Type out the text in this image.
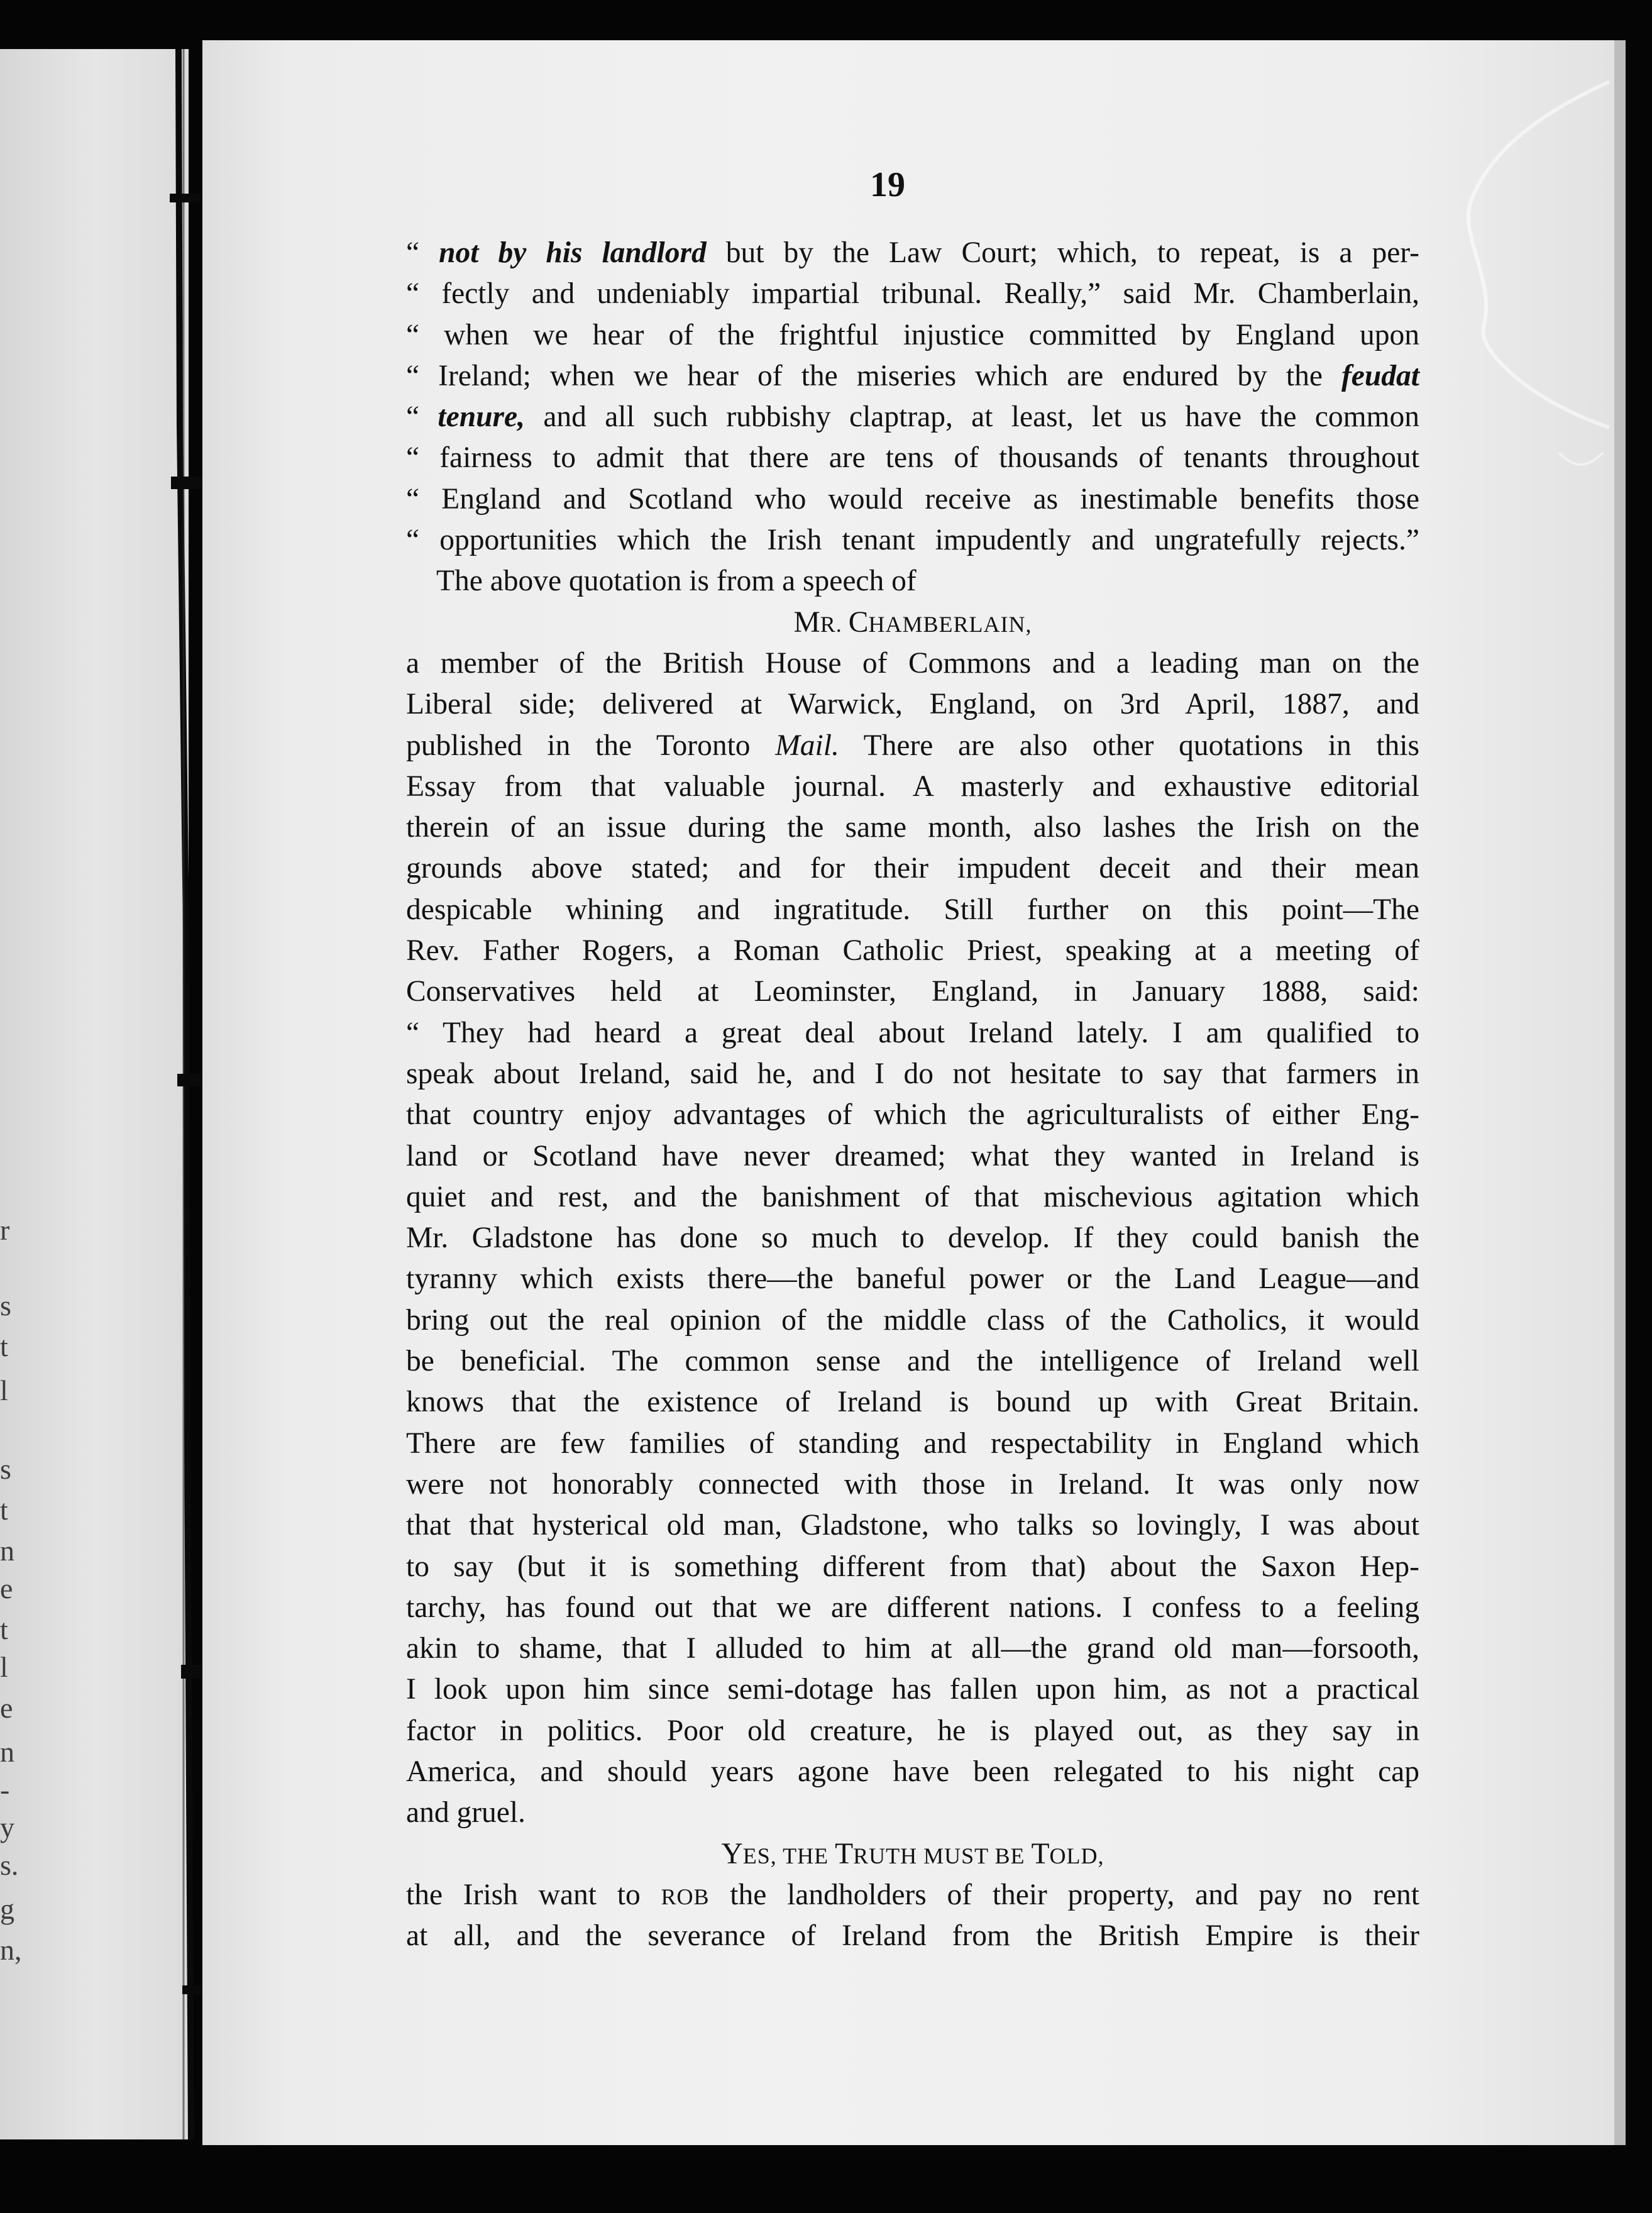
r
s
t
l
s
t
n
e
t
l
e
n
-
y
s.
g
n,
19
“ not by his landlord but by the Law Court; which, to repeat, is a per-
“ fectly and undeniably impartial tribunal. Really,” said Mr. Chamberlain,
“ when we hear of the frightful injustice committed by England upon
“ Ireland; when we hear of the miseries which are endured by the feudat
“ tenure, and all such rubbishy claptrap, at least, let us have the common
“ fairness to admit that there are tens of thousands of tenants throughout
“ England and Scotland who would receive as inestimable benefits those
“ opportunities which the Irish tenant impudently and ungratefully rejects.”
The above quotation is from a speech of
MR. CHAMBERLAIN,
a member of the British House of Commons and a leading man on the
Liberal side; delivered at Warwick, England, on 3rd April, 1887, and
published in the Toronto Mail. There are also other quotations in this
Essay from that valuable journal. A masterly and exhaustive editorial
therein of an issue during the same month, also lashes the Irish on the
grounds above stated; and for their impudent deceit and their mean
despicable whining and ingratitude. Still further on this point—The
Rev. Father Rogers, a Roman Catholic Priest, speaking at a meeting of
Conservatives held at Leominster, England, in January 1888, said:
“ They had heard a great deal about Ireland lately. I am qualified to
speak about Ireland, said he, and I do not hesitate to say that farmers in
that country enjoy advantages of which the agriculturalists of either Eng-
land or Scotland have never dreamed; what they wanted in Ireland is
quiet and rest, and the banishment of that mischevious agitation which
Mr. Gladstone has done so much to develop. If they could banish the
tyranny which exists there—the baneful power or the Land League—and
bring out the real opinion of the middle class of the Catholics, it would
be beneficial. The common sense and the intelligence of Ireland well
knows that the existence of Ireland is bound up with Great Britain.
There are few families of standing and respectability in England which
were not honorably connected with those in Ireland. It was only now
that that hysterical old man, Gladstone, who talks so lovingly, I was about
to say (but it is something different from that) about the Saxon Hep-
tarchy, has found out that we are different nations. I confess to a feeling
akin to shame, that I alluded to him at all—the grand old man—forsooth,
I look upon him since semi-dotage has fallen upon him, as not a practical
factor in politics. Poor old creature, he is played out, as they say in
America, and should years agone have been relegated to his night cap
and gruel.
YES, THE TRUTH MUST BE TOLD,
the Irish want to ROB the landholders of their property, and pay no rent
at all, and the severance of Ireland from the British Empire is their
